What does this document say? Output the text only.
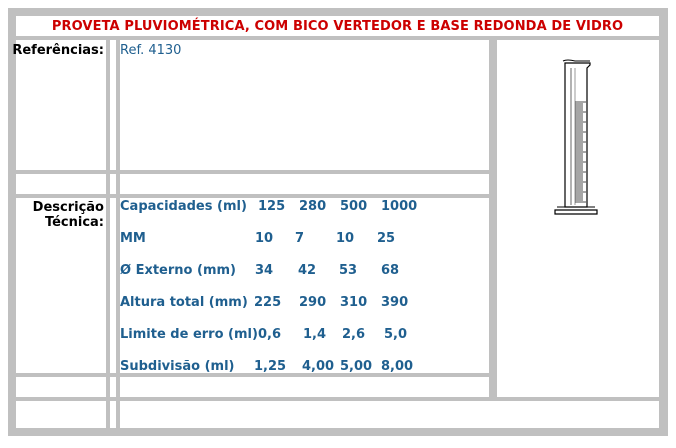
PROVETA PLUVIOMÉTRICA, COM BICO VERTEDOR E BASE REDONDA DE VIDRO
Referências:
Descrição
Técnica:
Ref. 4130
Capacidades (ml) 125 280 500 1000
MM	10 7 10 25
Ø Externo (mm) 34 42 53 68
Altura total (mm) 225 290 310 390
Limite de erro (ml) 0,6 1,4 2,6 5,0
Subdivisão (ml) 1,25 4,00 5,00 8,00
